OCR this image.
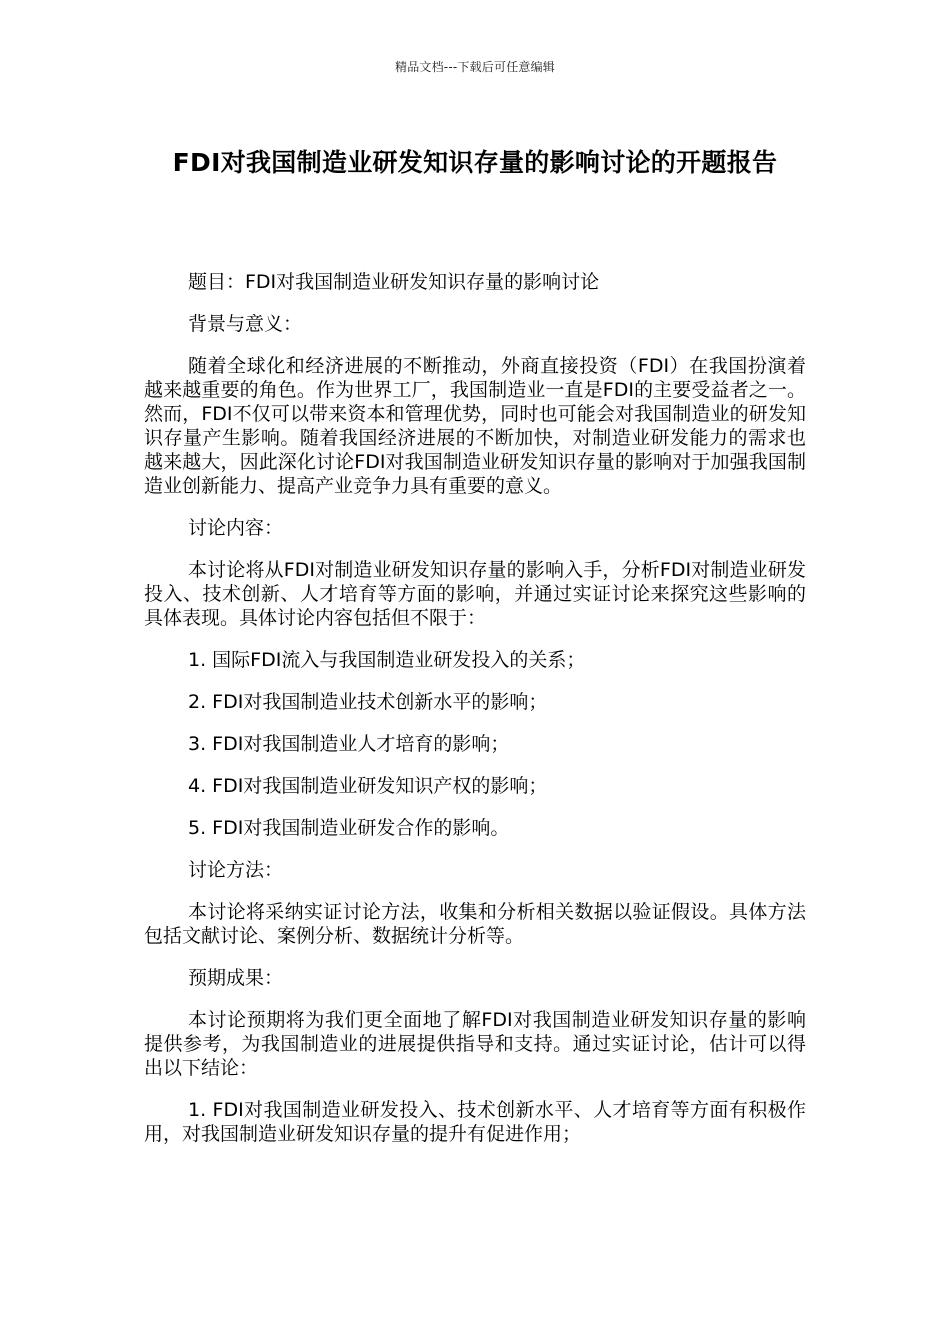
精品文档---下载后可任意编辑
FDI对我国制造业研发知识存量的影响讨论的开题报告

题目：FDI对我国制造业研发知识存量的影响讨论

背景与意义：

随着全球化和经济进展的不断推动，外商直接投资（FDI）在我国扮演着越来越重要的角色。作为世界工厂，我国制造业一直是FDI的主要受益者之一。然而，FDI不仅可以带来资本和管理优势，同时也可能会对我国制造业的研发知识存量产生影响。随着我国经济进展的不断加快，对制造业研发能力的需求也越来越大，因此深化讨论FDI对我国制造业研发知识存量的影响对于加强我国制造业创新能力、提高产业竞争力具有重要的意义。

讨论内容：

本讨论将从FDI对制造业研发知识存量的影响入手，分析FDI对制造业研发投入、技术创新、人才培育等方面的影响，并通过实证讨论来探究这些影响的具体表现。具体讨论内容包括但不限于：

1. 国际FDI流入与我国制造业研发投入的关系；

2. FDI对我国制造业技术创新水平的影响；

3. FDI对我国制造业人才培育的影响；

4. FDI对我国制造业研发知识产权的影响；

5. FDI对我国制造业研发合作的影响。

讨论方法：

本讨论将采纳实证讨论方法，收集和分析相关数据以验证假设。具体方法包括文献讨论、案例分析、数据统计分析等。

预期成果：

本讨论预期将为我们更全面地了解FDI对我国制造业研发知识存量的影响提供参考，为我国制造业的进展提供指导和支持。通过实证讨论，估计可以得出以下结论：

1. FDI对我国制造业研发投入、技术创新水平、人才培育等方面有积极作用，对我国制造业研发知识存量的提升有促进作用；
